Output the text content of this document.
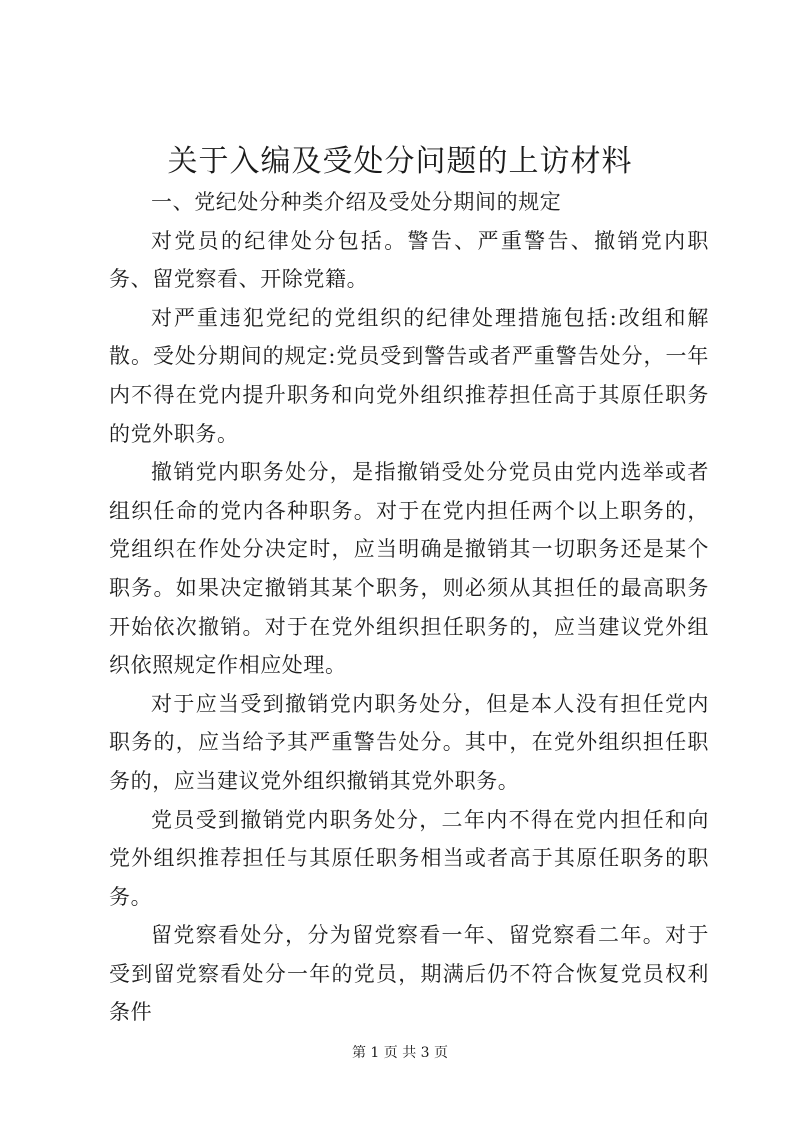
关于入编及受处分问题的上访材料

一、党纪处分种类介绍及受处分期间的规定

对党员的纪律处分包括。警告、严重警告、撤销党内职务、留党察看、开除党籍。

对严重违犯党纪的党组织的纪律处理措施包括:改组和解散。受处分期间的规定:党员受到警告或者严重警告处分，一年内不得在党内提升职务和向党外组织推荐担任高于其原任职务的党外职务。

撤销党内职务处分，是指撤销受处分党员由党内选举或者组织任命的党内各种职务。对于在党内担任两个以上职务的，党组织在作处分决定时，应当明确是撤销其一切职务还是某个职务。如果决定撤销其某个职务，则必须从其担任的最高职务开始依次撤销。对于在党外组织担任职务的，应当建议党外组织依照规定作相应处理。

对于应当受到撤销党内职务处分，但是本人没有担任党内职务的，应当给予其严重警告处分。其中，在党外组织担任职务的，应当建议党外组织撤销其党外职务。

党员受到撤销党内职务处分，二年内不得在党内担任和向党外组织推荐担任与其原任职务相当或者高于其原任职务的职务。

留党察看处分，分为留党察看一年、留党察看二年。对于受到留党察看处分一年的党员，期满后仍不符合恢复党员权利条件

第 1 页 共 3 页
